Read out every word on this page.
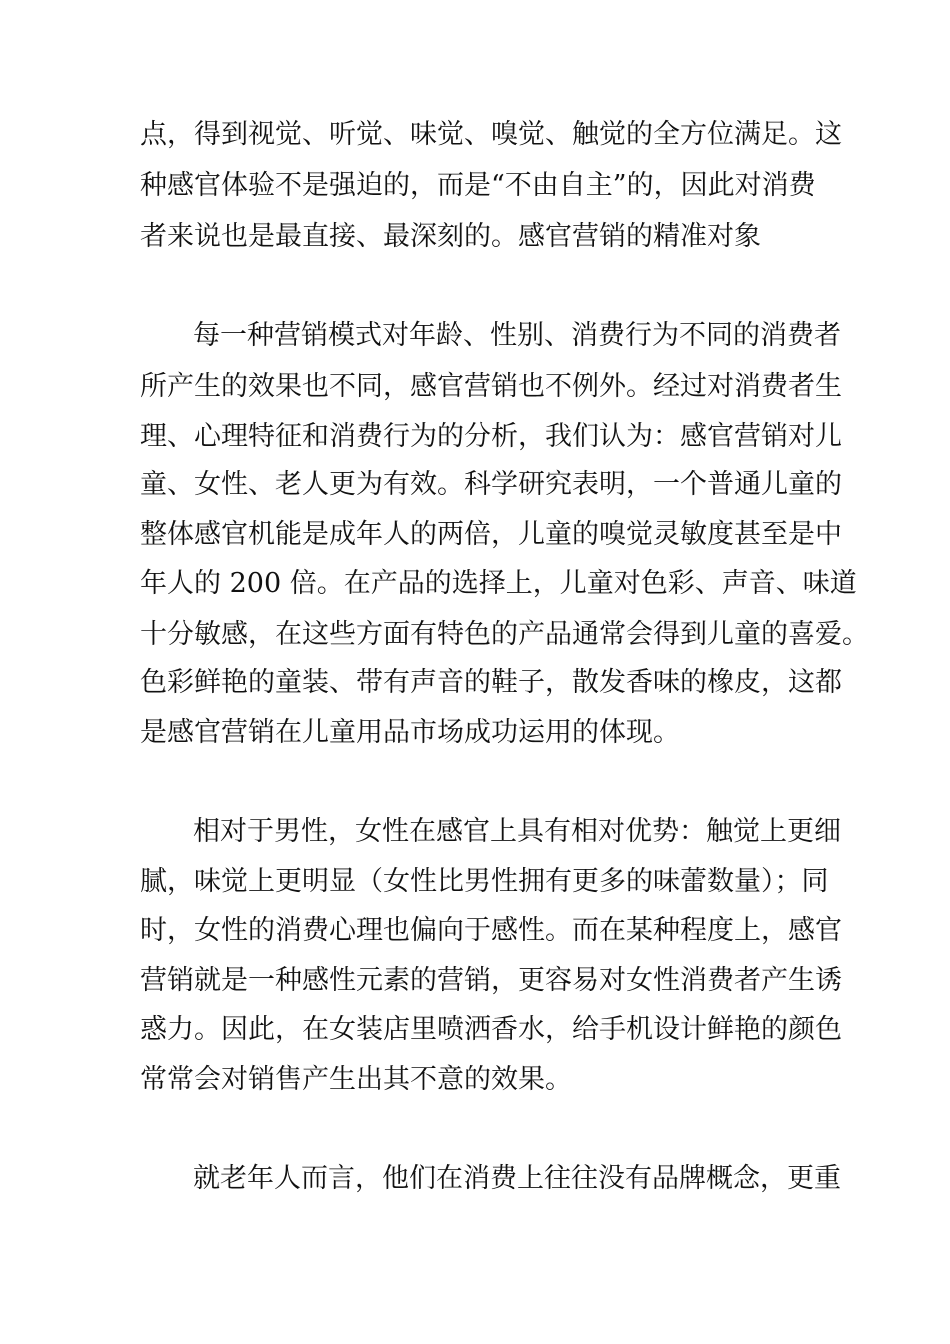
点，得到视觉、听觉、味觉、嗅觉、触觉的全方位满足。这
种感官体验不是强迫的，而是“不由自主”的，因此对消费
者来说也是最直接、最深刻的。感官营销的精准对象
每一种营销模式对年龄、性别、消费行为不同的消费者
所产生的效果也不同，感官营销也不例外。经过对消费者生
理、心理特征和消费行为的分析，我们认为：感官营销对儿
童、女性、老人更为有效。科学研究表明，一个普通儿童的
整体感官机能是成年人的两倍，儿童的嗅觉灵敏度甚至是中
年人的 200 倍。在产品的选择上，儿童对色彩、声音、味道
十分敏感，在这些方面有特色的产品通常会得到儿童的喜爱。
色彩鲜艳的童装、带有声音的鞋子，散发香味的橡皮，这都
是感官营销在儿童用品市场成功运用的体现。
相对于男性，女性在感官上具有相对优势：触觉上更细
腻，味觉上更明显（女性比男性拥有更多的味蕾数量）；同
时，女性的消费心理也偏向于感性。而在某种程度上，感官
营销就是一种感性元素的营销，更容易对女性消费者产生诱
惑力。因此，在女装店里喷洒香水，给手机设计鲜艳的颜色
常常会对销售产生出其不意的效果。
就老年人而言，他们在消费上往往没有品牌概念，更重
